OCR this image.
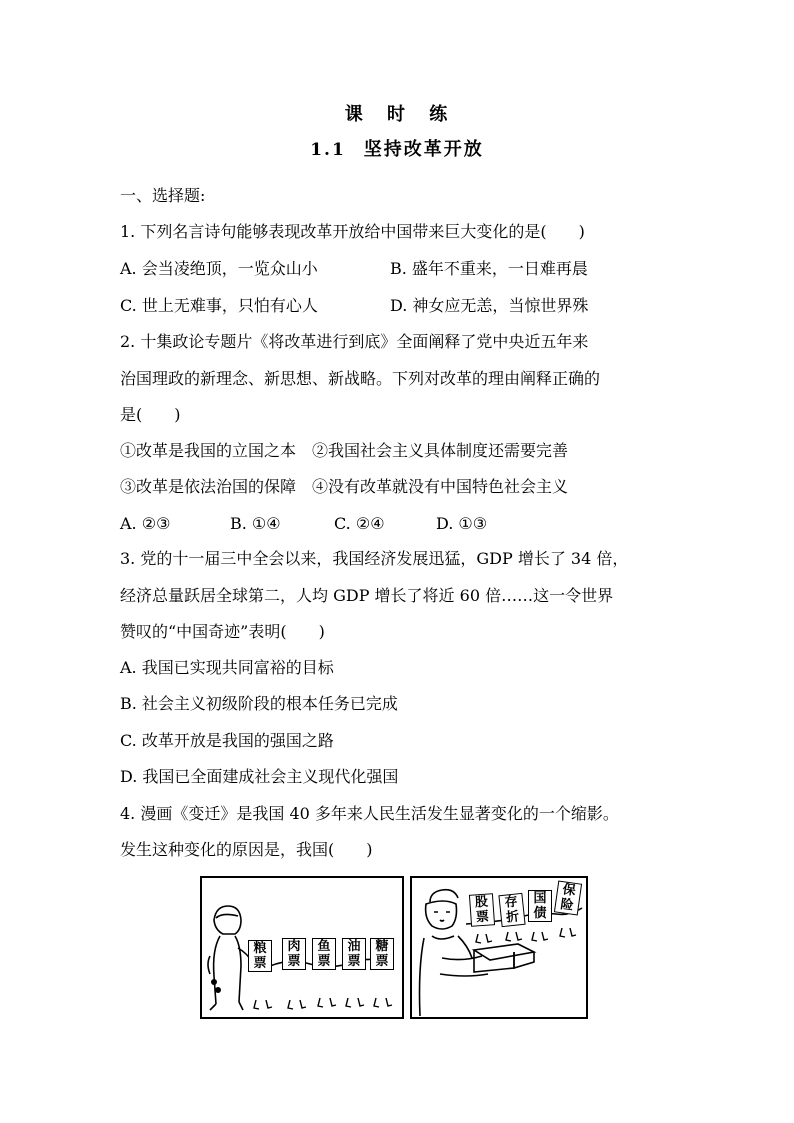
课 时 练
1.1 坚持改革开放
一、选择题:
1. 下列名言诗句能够表现改革开放给中国带来巨大变化的是(　　)
A. 会当凌绝顶，一览众山小	B. 盛年不重来，一日难再晨
C. 世上无难事，只怕有心人	D. 神女应无恙，当惊世界殊
2. 十集政论专题片《将改革进行到底》全面阐释了党中央近五年来
治国理政的新理念、新思想、新战略。下列对改革的理由阐释正确的
是(　　)
①改革是我国的立国之本　②我国社会主义具体制度还需要完善
③改革是依法治国的保障　④没有改革就没有中国特色社会主义
A. ②③	B. ①④	C. ②④	D. ①③
3. 党的十一届三中全会以来，我国经济发展迅猛，GDP 增长了 34 倍，
经济总量跃居全球第二，人均 GDP 增长了将近 60 倍……这一令世界
赞叹的“中国奇迹”表明(　　)
A. 我国已实现共同富裕的目标
B. 社会主义初级阶段的根本任务已完成
C. 改革开放是我国的强国之路
D. 我国已全面建成社会主义现代化强国
4. 漫画《变迁》是我国 40 多年来人民生活发生显著变化的一个缩影。
发生这种变化的原因是，我国(　　)
粮
票
肉
票
鱼
票
油
票
糖
票
股
票
存
折
国
债
保
险
